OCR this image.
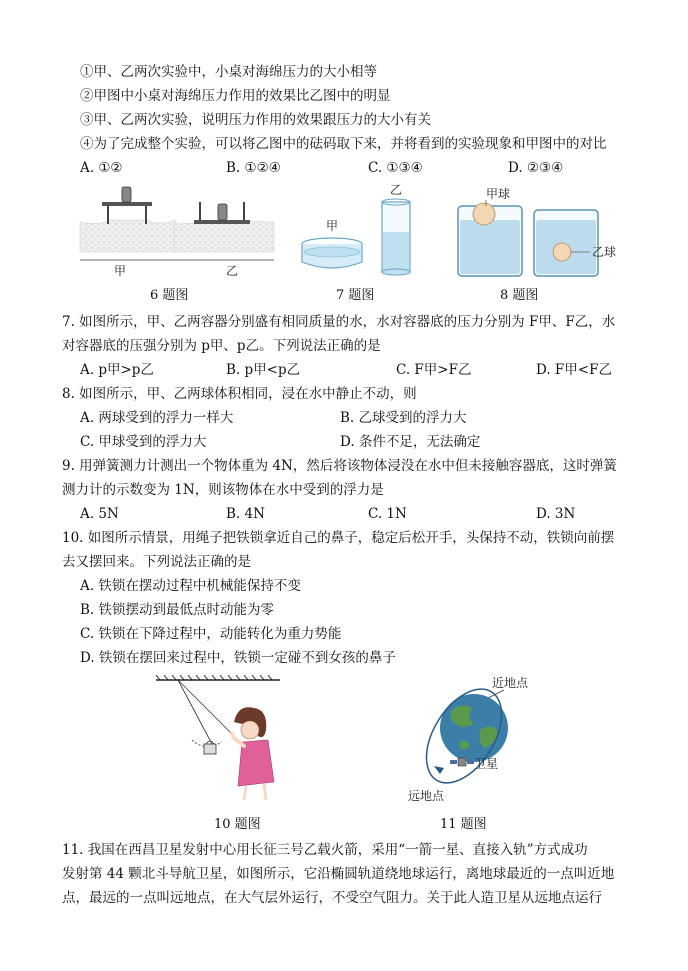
①甲、乙两次实验中，小桌对海绵压力的大小相等
②甲图中小桌对海绵压力作用的效果比乙图中的明显
③甲、乙两次实验，说明压力作用的效果跟压力的大小有关
④为了完成整个实验，可以将乙图中的砝码取下来，并将看到的实验现象和甲图中的对比
A. ①②	B. ①②④	C. ①③④	D. ②③④
甲	乙
甲
乙	甲球
乙球
6 题图	7 题图	8 题图
7. 如图所示，甲、乙两容器分别盛有相同质量的水，水对容器底的压力分别为 F甲、F乙，水
对容器底的压强分别为 p甲、p乙。下列说法正确的是
A. p甲>p乙	B. p甲<p乙	C. F甲>F乙	D. F甲<F乙
8. 如图所示，甲、乙两球体积相同，浸在水中静止不动，则
A. 两球受到的浮力一样大	B. 乙球受到的浮力大
C. 甲球受到的浮力大	D. 条件不足，无法确定
9. 用弹簧测力计测出一个物体重为 4N，然后将该物体浸没在水中但未接触容器底，这时弹簧
测力计的示数变为 1N，则该物体在水中受到的浮力是
A. 5N	B. 4N	C. 1N	D. 3N
10. 如图所示情景，用绳子把铁锁拿近自己的鼻子，稳定后松开手，头保持不动，铁锁向前摆
去又摆回来。下列说法正确的是
A. 铁锁在摆动过程中机械能保持不变
B. 铁锁摆动到最低点时动能为零
C. 铁锁在下降过程中，动能转化为重力势能
D. 铁锁在摆回来过程中，铁锁一定碰不到女孩的鼻子
近地点
卫星
远地点
10 题图	11 题图
11. 我国在西昌卫星发射中心用长征三号乙载火箭，采用“一箭一星、直接入轨”方式成功
发射第 44 颗北斗导航卫星，如图所示，它沿椭圆轨道绕地球运行，离地球最近的一点叫近地
点，最远的一点叫远地点，在大气层外运行，不受空气阻力。关于此人造卫星从远地点运行
